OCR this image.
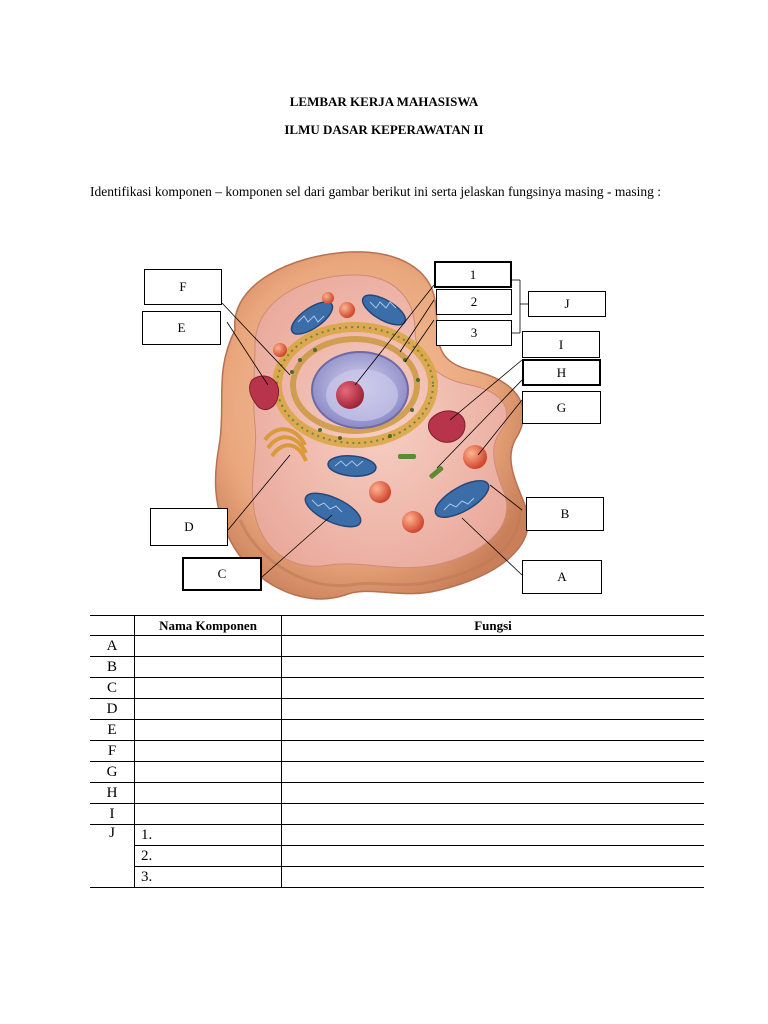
LEMBAR KERJA MAHASISWA
ILMU DASAR KEPERAWATAN II
Identifikasi komponen – komponen sel dari gambar berikut ini serta jelaskan fungsinya masing - masing :
F
E
D
C
1
2
3
J
I
H
G
B
A
	Nama Komponen	Fungsi
A		
B		
C		
D		
E		
F		
G		
H		
I		
J	1.	
	2.	
	3.	
